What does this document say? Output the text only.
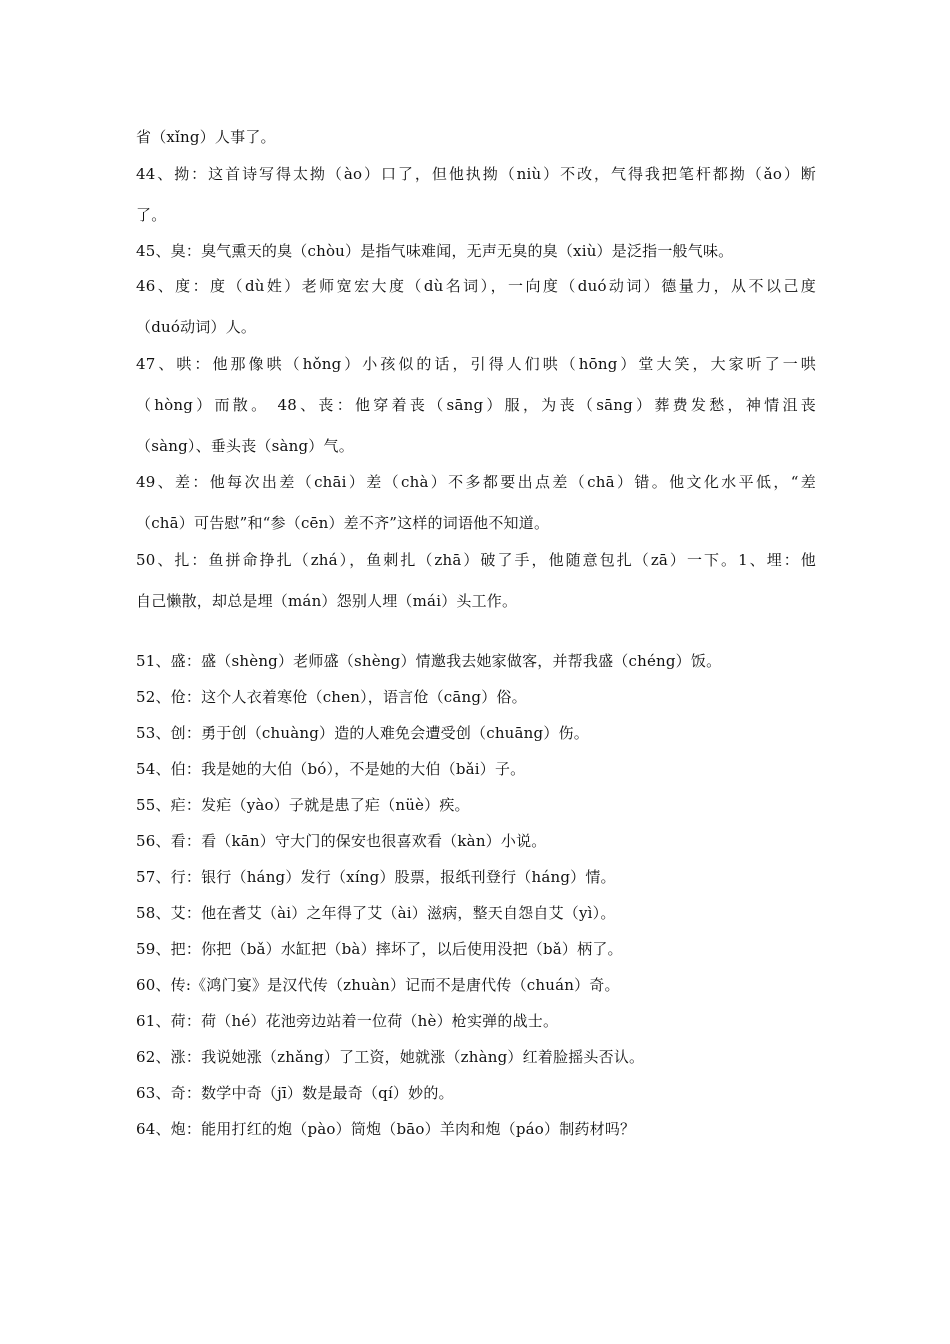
省（xǐng）人事了。
44、拗：这首诗写得太拗（ào）口了，但他执拗（niù）不改，气得我把笔杆都拗（ǎo）断
了。
45、臭：臭气熏天的臭（chòu）是指气味难闻，无声无臭的臭（xiù）是泛指一般气味。
46、度：度（dù姓）老师宽宏大度（dù名词），一向度（duó动词）德量力，从不以己度
（duó动词）人。
47、哄：他那像哄（hǒng）小孩似的话，引得人们哄（hōng）堂大笑，大家听了一哄
（hòng）而散。 48、丧：他穿着丧（sāng）服，为丧（sāng）葬费发愁，神情沮丧
（sàng）、垂头丧（sàng）气。
49、差：他每次出差（chāi）差（chà）不多都要出点差（chā）错。他文化水平低，“差
（chā）可告慰”和“参（cēn）差不齐”这样的词语他不知道。
50、扎：鱼拼命挣扎（zhá），鱼刺扎（zhā）破了手，他随意包扎（zā）一下。1、埋：他
自己懒散，却总是埋（mán）怨别人埋（mái）头工作。
51、盛：盛（shèng）老师盛（shèng）情邀我去她家做客，并帮我盛（chéng）饭。
52、伧：这个人衣着寒伧（chen），语言伧（cāng）俗。
53、创：勇于创（chuàng）造的人难免会遭受创（chuāng）伤。
54、伯：我是她的大伯（bó），不是她的大伯（bǎi）子。
55、疟：发疟（yào）子就是患了疟（nüè）疾。
56、看：看（kān）守大门的保安也很喜欢看（kàn）小说。
57、行：银行（háng）发行（xíng）股票，报纸刊登行（háng）情。
58、艾：他在耆艾（ài）之年得了艾（ài）滋病，整天自怨自艾（yì）。
59、把：你把（bǎ）水缸把（bà）摔坏了，以后使用没把（bǎ）柄了。
60、传:《鸿门宴》是汉代传（zhuàn）记而不是唐代传（chuán）奇。
61、荷：荷（hé）花池旁边站着一位荷（hè）枪实弹的战士。
62、涨：我说她涨（zhǎng）了工资，她就涨（zhàng）红着脸摇头否认。
63、奇：数学中奇（jī）数是最奇（qí）妙的。
64、炮：能用打红的炮（pào）筒炮（bāo）羊肉和炮（páo）制药材吗？
